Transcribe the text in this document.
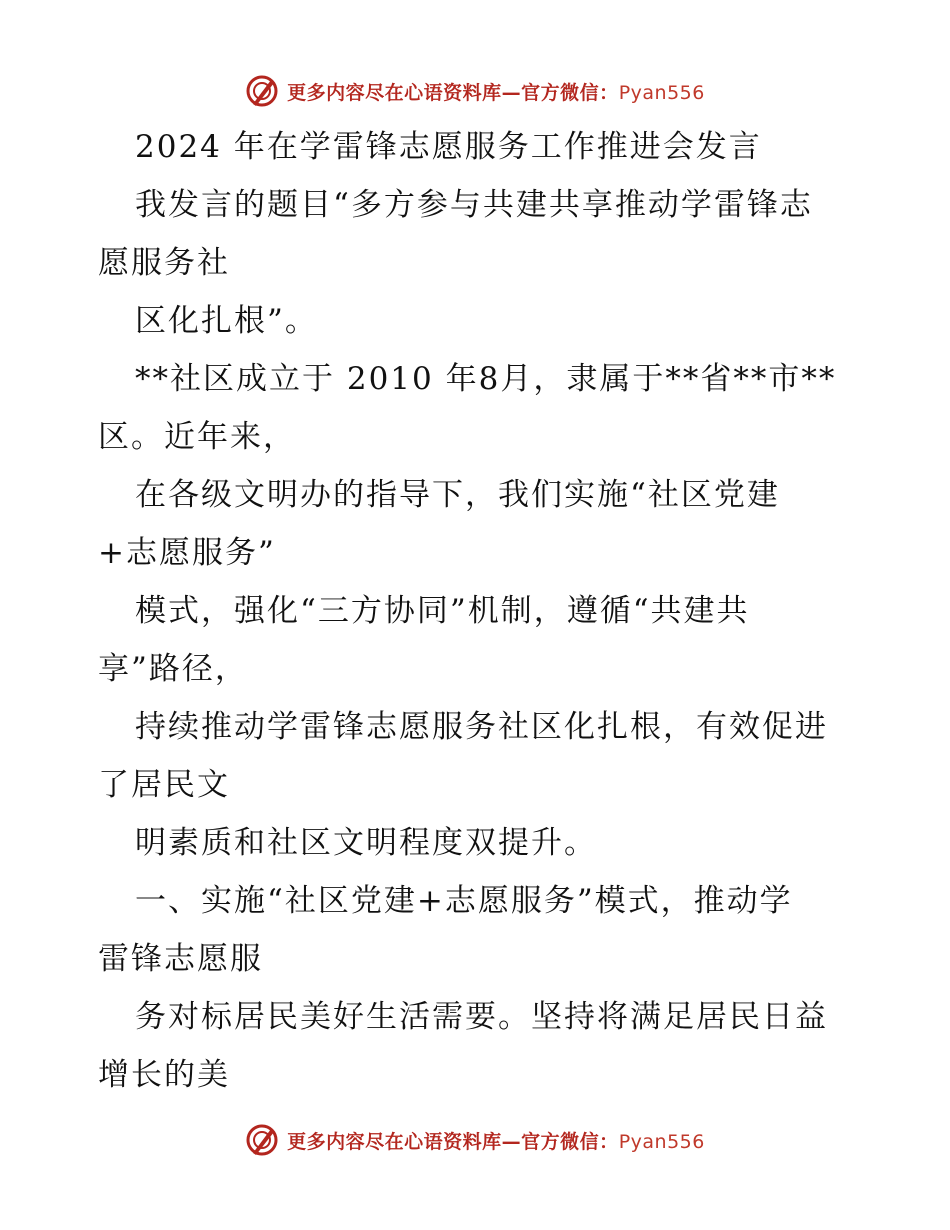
更多内容尽在心语资料库—官方微信：Pyan556
2024 年在学雷锋志愿服务工作推进会发言
我发言的题目“多方参与共建共享推动学雷锋志
愿服务社
区化扎根”。
**社区成立于 2010 年8月，隶属于**省**市**
区。近年来，
在各级文明办的指导下，我们实施“社区党建
+志愿服务”
模式，强化“三方协同”机制，遵循“共建共
享”路径，
持续推动学雷锋志愿服务社区化扎根，有效促进
了居民文
明素质和社区文明程度双提升。
一、实施“社区党建+志愿服务”模式，推动学
雷锋志愿服
务对标居民美好生活需要。坚持将满足居民日益
增长的美
更多内容尽在心语资料库—官方微信：Pyan556
